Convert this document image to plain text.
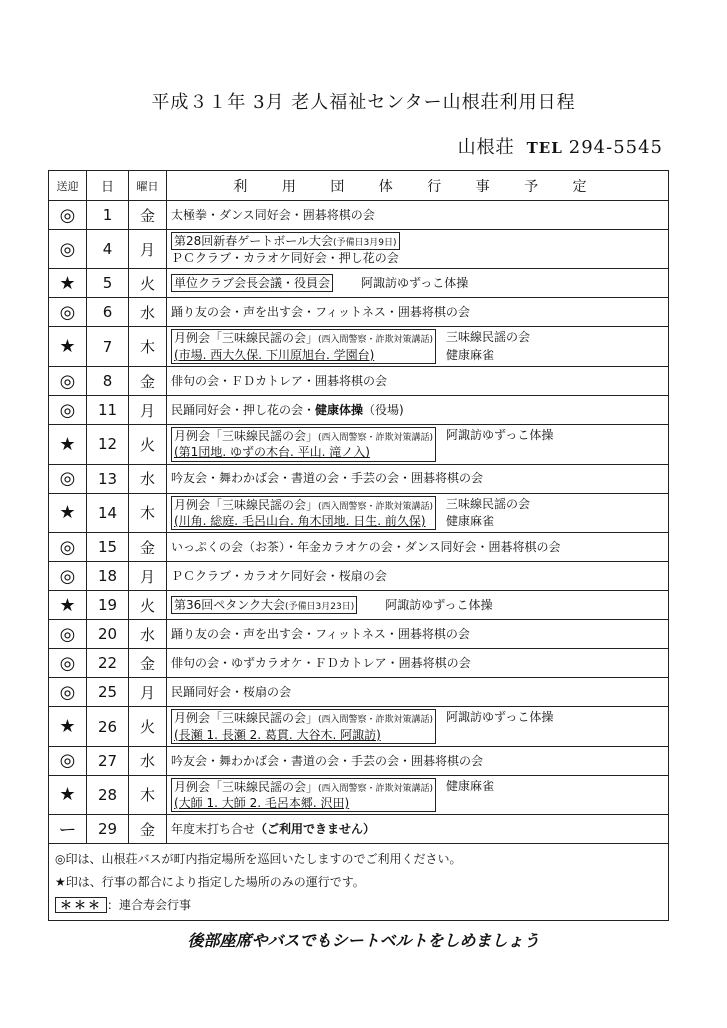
平成３１年 3月 老人福祉センター山根荘利用日程
山根荘 TEL 294-5545
送迎	日	曜日	利 用 団 体 行 事 予 定
◎	1	金	太極拳・ダンス同好会・囲碁将棋の会
◎	4	月	第28回新春ゲートボール大会(予備日3月9日)
ＰＣクラブ・カラオケ同好会・押し花の会

★	5	火	単位クラブ会長会議・役員会 阿諏訪ゆずっこ体操

◎	6	水	踊り友の会・声を出す会・フィットネス・囲碁将棋の会
★	7	木	月例会「三味線民謡の会」(西入間警察・詐欺対策講話)
(市場. 西大久保. 下川原旭台. 学園台)
三味線民謡の会
健康麻雀

◎	8	金	俳句の会・ＦＤカトレア・囲碁将棋の会
◎	11	月	民踊同好会・押し花の会・健康体操（役場)
★	12	火	月例会「三味線民謡の会」(西入間警察・詐欺対策講話)
(第1団地. ゆずの木台. 平山. 滝ノ入)
阿諏訪ゆずっこ体操

◎	13	水	吟友会・舞わかば会・書道の会・手芸の会・囲碁将棋の会
★	14	木	月例会「三味線民謡の会」(西入間警察・詐欺対策講話)
(川角. 総庭. 毛呂山台. 角木団地. 日生. 前久保)
三味線民謡の会
健康麻雀

◎	15	金	いっぷくの会（お茶）・年金カラオケの会・ダンス同好会・囲碁将棋の会
◎	18	月	ＰＣクラブ・カラオケ同好会・桜扇の会
★	19	火	第36回ペタンク大会(予備日3月23日) 阿諏訪ゆずっこ体操

◎	20	水	踊り友の会・声を出す会・フィットネス・囲碁将棋の会
◎	22	金	俳句の会・ゆずカラオケ・ＦＤカトレア・囲碁将棋の会
◎	25	月	民踊同好会・桜扇の会
★	26	火	月例会「三味線民謡の会」(西入間警察・詐欺対策講話)
(長瀬 1. 長瀬 2. 葛貫. 大谷木. 阿諏訪)
阿諏訪ゆずっこ体操

◎	27	水	吟友会・舞わかば会・書道の会・手芸の会・囲碁将棋の会
★	28	木	月例会「三味線民謡の会」(西入間警察・詐欺対策講話)
(大師 1. 大師 2. 毛呂本郷. 沢田)
健康麻雀

ー	29	金	年度末打ち合せ（ご利用できません）

◎印は、山根荘バスが町内指定場所を巡回いたしますのでご利用ください。
★印は、行事の都合により指定した場所のみの運行です。
＊＊＊ ：連合寿会行事			
後部座席やバスでもシートベルトをしめましょう
